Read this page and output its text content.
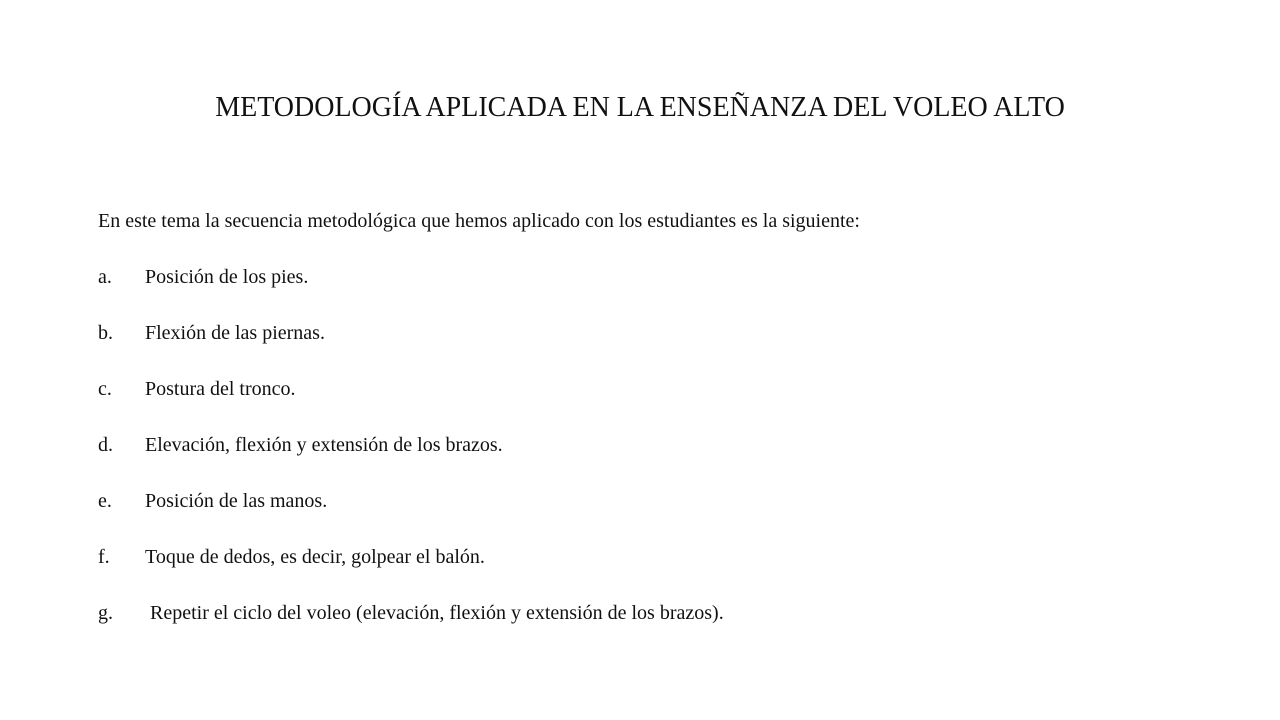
METODOLOGÍA APLICADA EN LA ENSEÑANZA DEL VOLEO ALTO

En este tema la secuencia metodológica que hemos aplicado con los estudiantes es la siguiente:

a. Posición de los pies.
b. Flexión de las piernas.
c. Postura del tronco.
d. Elevación, flexión y extensión de los brazos.
e. Posición de las manos.
f. Toque de dedos, es decir, golpear el balón.
g. Repetir el ciclo del voleo (elevación, flexión y extensión de los brazos).
